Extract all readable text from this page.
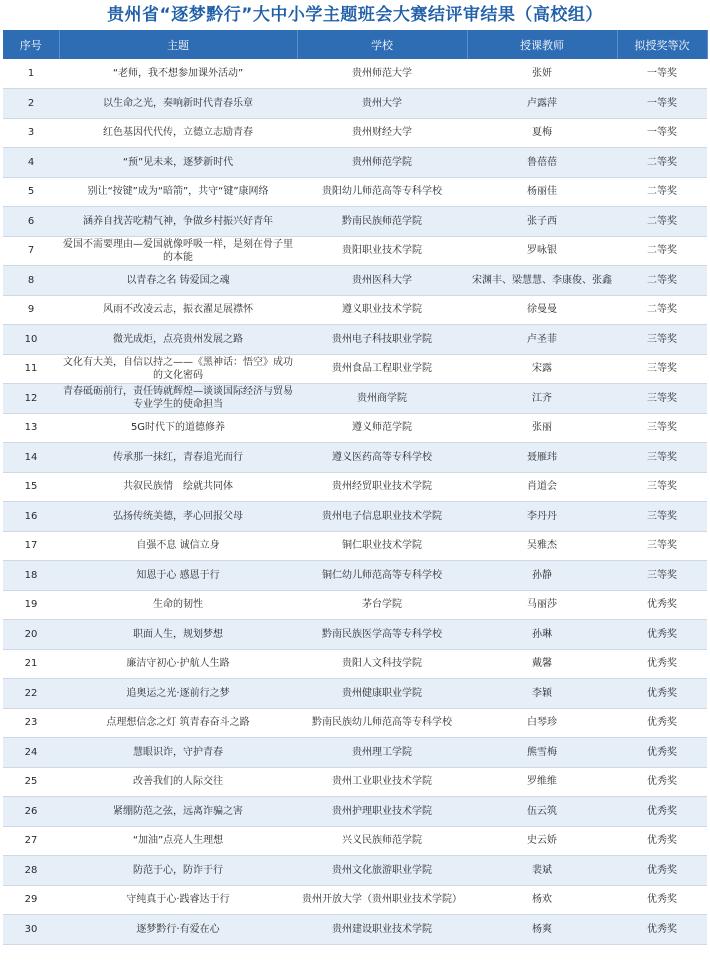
贵州省“逐梦黔行”大中小学主题班会大赛结评审结果（高校组）
序号	主题	学校	授课教师	拟授奖等次
1	“老师，我不想参加课外活动”	贵州师范大学	张妍	一等奖
2	以生命之光，奏响新时代青春乐章	贵州大学	卢露萍	一等奖
3	红色基因代代传，立德立志励青春	贵州财经大学	夏梅	一等奖
4	“预”见未来，逐梦新时代	贵州师范学院	鲁蓓蓓	二等奖
5	别让“按键”成为“暗箭”，共守“键”康网络	贵阳幼儿师范高等专科学校	杨丽佳	二等奖
6	涵养自找苦吃精气神，争做乡村振兴好青年	黔南民族师范学院	张子西	二等奖
7	爱国不需要理由—爱国就像呼吸一样，是刻在骨子里的本能	贵阳职业技术学院	罗咏银	二等奖
8	以青春之名 铸爱国之魂	贵州医科大学	宋渊丰、梁慧慧、李康俊、张鑫	二等奖
9	风雨不改凌云志，振衣濯足展襟怀	遵义职业技术学院	徐曼曼	二等奖
10	微光成炬，点亮贵州发展之路	贵州电子科技职业学院	卢圣菲	三等奖
11	文化有大美，自信以持之——《黑神话：悟空》成功的文化密码	贵州食品工程职业学院	宋露	三等奖
12	青春砥砺前行，责任铸就辉煌—谈谈国际经济与贸易专业学生的使命担当	贵州商学院	江齐	三等奖
13	5G时代下的道德修养	遵义师范学院	张丽	三等奖
14	传承那一抹红，青春追光而行	遵义医药高等专科学校	聂雁玮	三等奖
15	共叙民族情　绘就共同体	贵州经贸职业技术学院	肖道会	三等奖
16	弘扬传统美德，孝心回报父母	贵州电子信息职业技术学院	李丹丹	三等奖
17	自强不息 诚信立身	铜仁职业技术学院	吴雅杰	三等奖
18	知恩于心 感恩于行	铜仁幼儿师范高等专科学校	孙静	三等奖
19	生命的韧性	茅台学院	马丽莎	优秀奖
20	职面人生，规划梦想	黔南民族医学高等专科学校	孙琳	优秀奖
21	廉洁守初心·护航人生路	贵阳人文科技学院	戴馨	优秀奖
22	追奥运之光·逐前行之梦	贵州健康职业学院	李颖	优秀奖
23	点理想信念之灯 筑青春奋斗之路	黔南民族幼儿师范高等专科学校	白琴珍	优秀奖
24	慧眼识诈，守护青春	贵州理工学院	熊雪梅	优秀奖
25	改善我们的人际交往	贵州工业职业技术学院	罗维维	优秀奖
26	紧绷防范之弦，远离诈骗之害	贵州护理职业技术学院	伍云筑	优秀奖
27	“加油”点亮人生理想	兴义民族师范学院	史云娇	优秀奖
28	防范于心，防诈于行	贵州文化旅游职业学院	裴斌	优秀奖
29	守纯真于心·践睿达于行	贵州开放大学（贵州职业技术学院）	杨欢	优秀奖
30	逐梦黔行·有爱在心	贵州建设职业技术学院	杨爽	优秀奖
